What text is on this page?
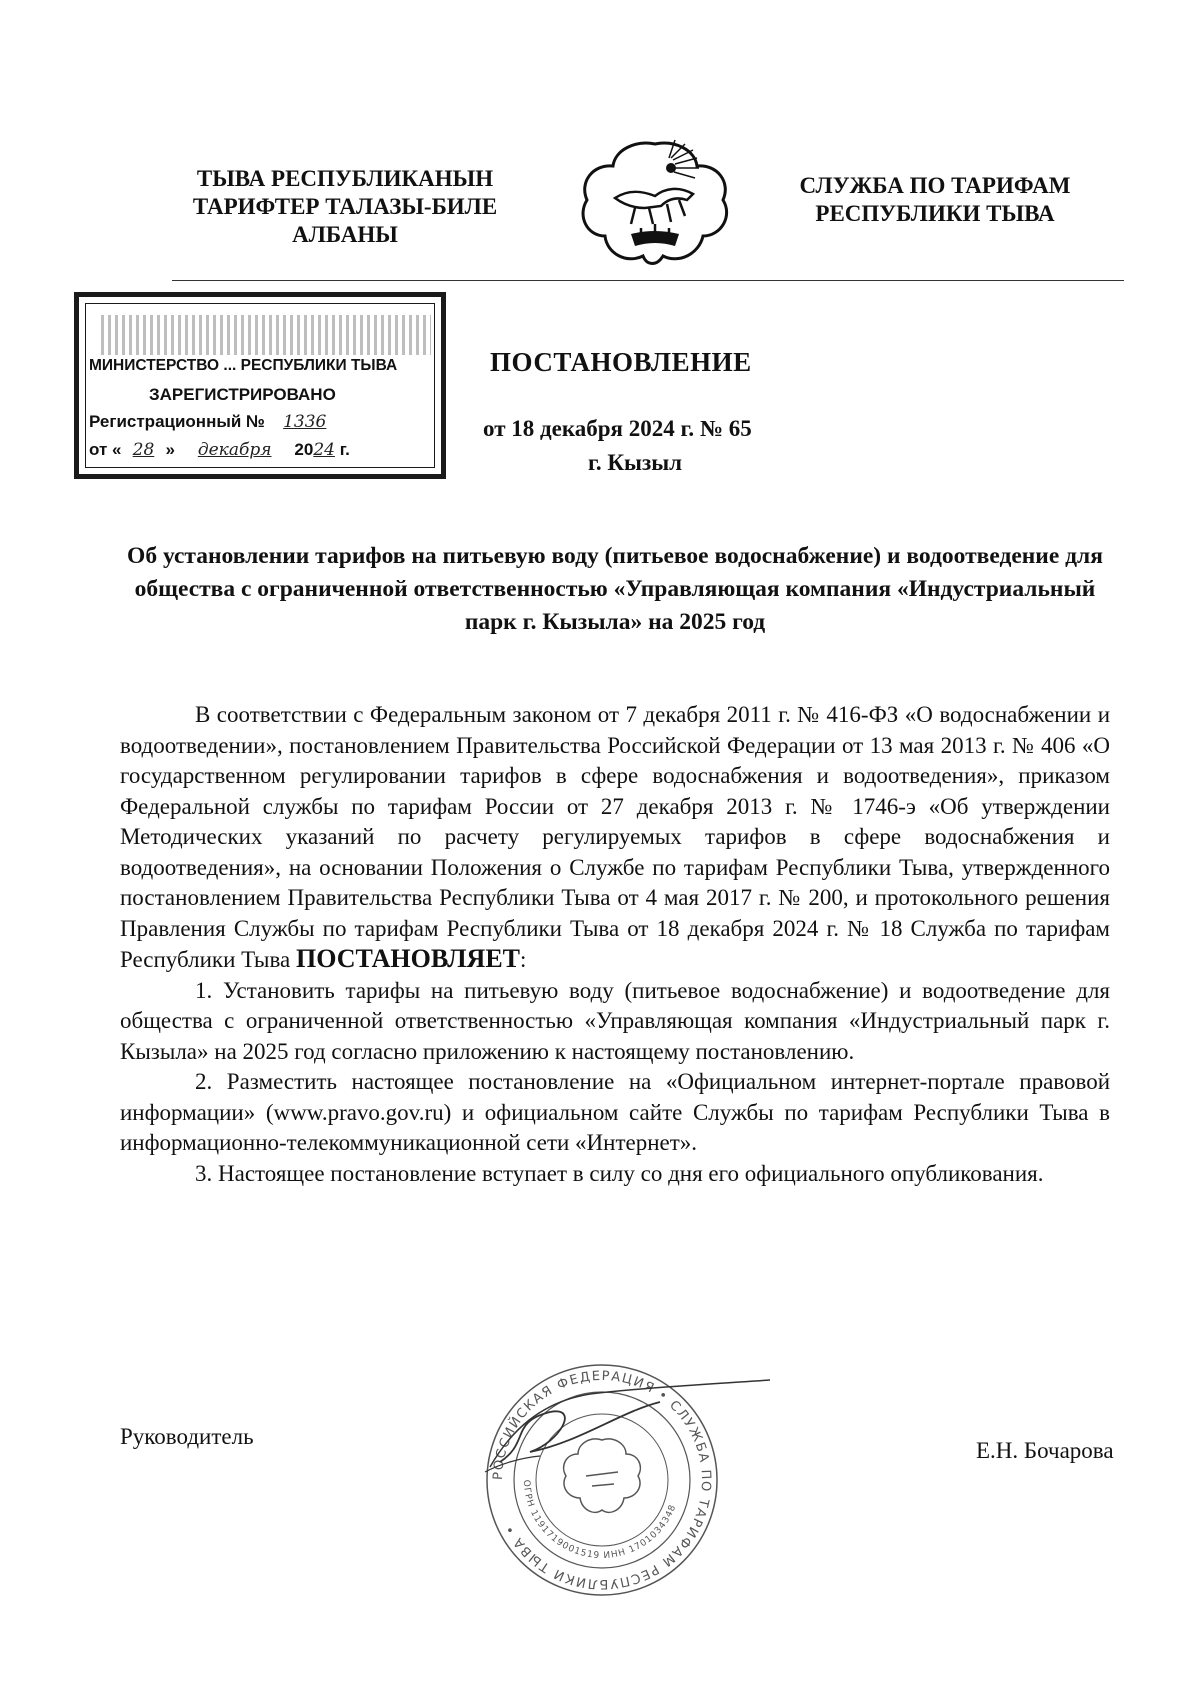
ТЫВА РЕСПУБЛИКАНЫН
ТАРИФТЕР ТАЛАЗЫ-БИЛЕ
АЛБАНЫ
СЛУЖБА ПО ТАРИФАМ
РЕСПУБЛИКИ ТЫВА
МИНИСТЕРСТВО ... РЕСПУБЛИКИ ТЫВА
ЗАРЕГИСТРИРОВАНО
Регистрационный № 1336
от « 28 » декабря 2024 г.
ПОСТАНОВЛЕНИЕ
от 18 декабря 2024 г. № 65
г. Кызыл
Об установлении тарифов на питьевую воду (питьевое водоснабжение) и водоотведение для общества с ограниченной ответственностью «Управляющая компания «Индустриальный парк г. Кызыла» на 2025 год

В соответствии с Федеральным законом от 7 декабря 2011 г. № 416-ФЗ «О водоснабжении и водоотведении», постановлением Правительства Российской Федерации от 13 мая 2013 г. № 406 «О государственном регулировании тарифов в сфере водоснабжения и водоотведения», приказом Федеральной службы по тарифам России от 27 декабря 2013 г. № 1746-э «Об утверждении Методических указаний по расчету регулируемых тарифов в сфере водоснабжения и водоотведения», на основании Положения о Службе по тарифам Республики Тыва, утвержденного постановлением Правительства Республики Тыва от 4 мая 2017 г. № 200, и протокольного решения Правления Службы по тарифам Республики Тыва от 18 декабря 2024 г. № 18 Служба по тарифам Республики Тыва ПОСТАНОВЛЯЕТ:

1. Установить тарифы на питьевую воду (питьевое водоснабжение) и водоотведение для общества с ограниченной ответственностью «Управляющая компания «Индустриальный парк г. Кызыла» на 2025 год согласно приложению к настоящему постановлению.

2. Разместить настоящее постановление на «Официальном интернет-портале правовой информации» (www.pravo.gov.ru) и официальном сайте Службы по тарифам Республики Тыва в информационно-телекоммуникационной сети «Интернет».

3. Настоящее постановление вступает в силу со дня его официального опубликования.

Руководитель
РОССИЙСКАЯ ФЕДЕРАЦИЯ • СЛУЖБА ПО ТАРИФАМ РЕСПУБЛИКИ ТЫВА •
ОГРН 1191719001519 ИНН 1701034348
Е.Н. Бочарова
